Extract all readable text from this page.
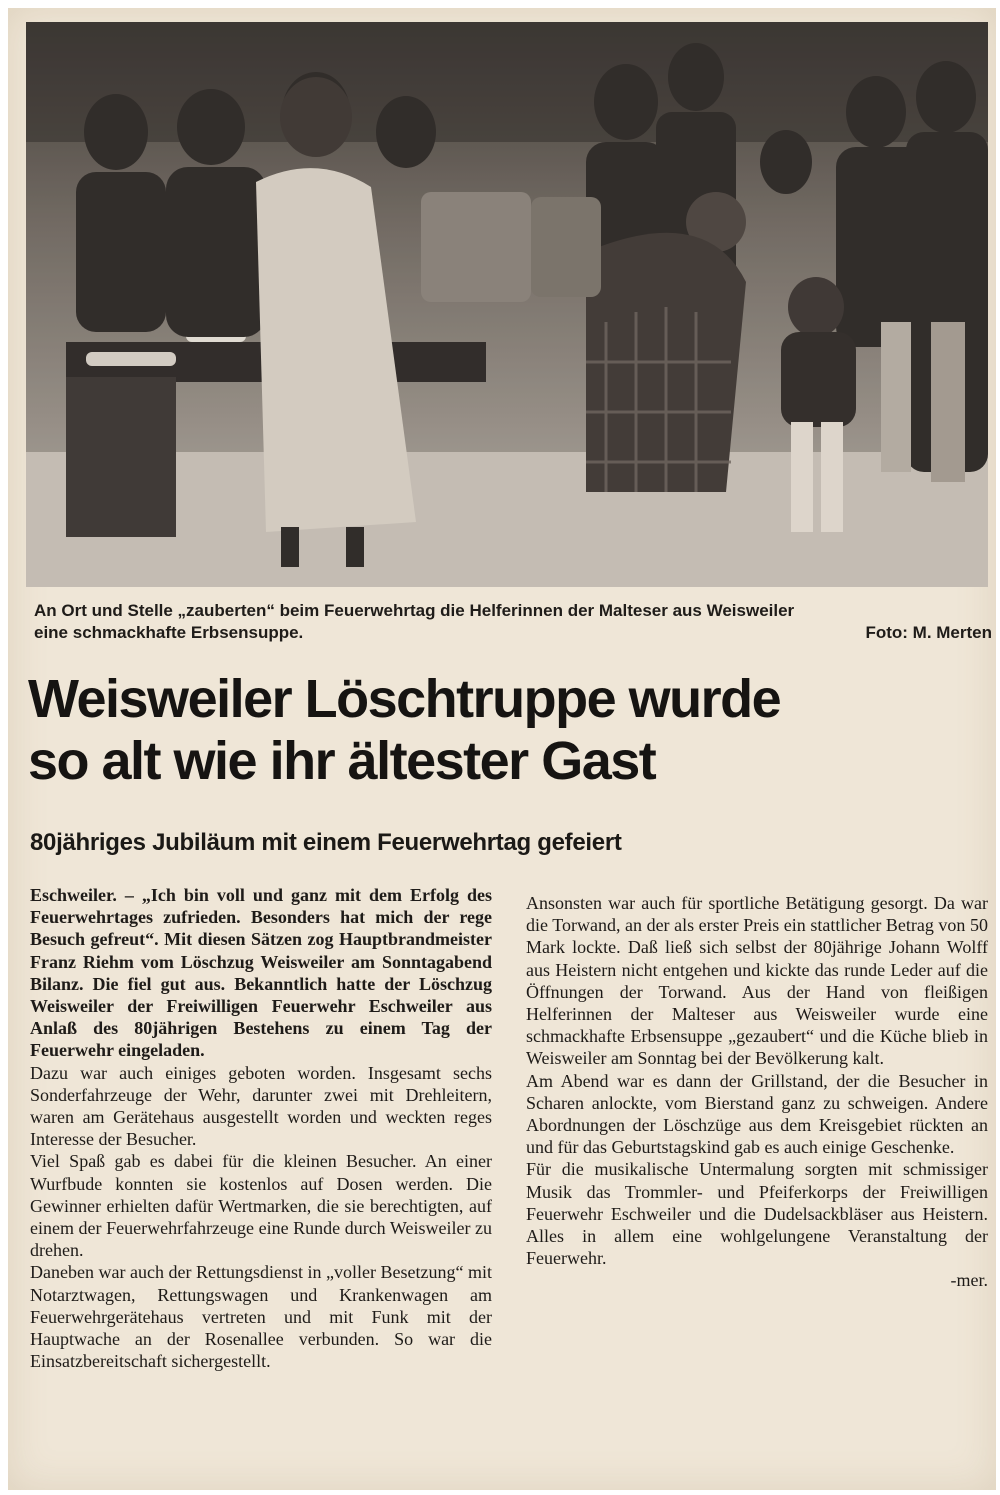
An Ort und Stelle „zauberten“ beim Feuerwehrtag die Helferinnen der Malteser aus Weisweiler
eine schmackhafte Erbsensuppe.	Foto: M. Merten
Weisweiler Löschtruppe wurde
so alt wie ihr ältester Gast
80jähriges Jubiläum mit einem Feuerwehrtag gefeiert

Eschweiler. – „Ich bin voll und ganz mit dem Erfolg des Feuerwehrtages zufrieden. Besonders hat mich der rege Besuch gefreut“. Mit diesen Sätzen zog Hauptbrandmeister Franz Riehm vom Löschzug Weisweiler am Sonntagabend Bilanz. Die fiel gut aus. Bekanntlich hatte der Löschzug Weisweiler der Freiwilligen Feuerwehr Eschweiler aus Anlaß des 80jährigen Bestehens zu einem Tag der Feuerwehr eingeladen.

Dazu war auch einiges geboten worden. Insgesamt sechs Sonderfahrzeuge der Wehr, darunter zwei mit Drehleitern, waren am Gerätehaus ausgestellt worden und weckten reges Interesse der Besucher.

Viel Spaß gab es dabei für die kleinen Besucher. An einer Wurfbude konnten sie kostenlos auf Dosen werden. Die Gewinner erhielten dafür Wertmarken, die sie berechtigten, auf einem der Feuerwehrfahrzeuge eine Runde durch Weisweiler zu drehen.

Daneben war auch der Rettungsdienst in „voller Besetzung“ mit Notarztwagen, Rettungswagen und Krankenwagen am Feuerwehrgerätehaus vertreten und mit Funk mit der Hauptwache an der Rosenallee verbunden. So war die Einsatzbereitschaft sichergestellt.

Ansonsten war auch für sportliche Betätigung gesorgt. Da war die Torwand, an der als erster Preis ein stattlicher Betrag von 50 Mark lockte. Daß ließ sich selbst der 80jährige Johann Wolff aus Heistern nicht entgehen und kickte das runde Leder auf die Öffnungen der Torwand. Aus der Hand von fleißigen Helferinnen der Malteser aus Weisweiler wurde eine schmackhafte Erbsensuppe „gezaubert“ und die Küche blieb in Weisweiler am Sonntag bei der Bevölkerung kalt.

Am Abend war es dann der Grillstand, der die Besucher in Scharen anlockte, vom Bierstand ganz zu schweigen. Andere Abordnungen der Löschzüge aus dem Kreisgebiet rückten an und für das Geburtstagskind gab es auch einige Geschenke.

Für die musikalische Untermalung sorgten mit schmissiger Musik das Trommler- und Pfeiferkorps der Freiwilligen Feuerwehr Eschweiler und die Dudelsackbläser aus Heistern. Alles in allem eine wohlgelungene Veranstaltung der Feuerwehr.

-mer.
